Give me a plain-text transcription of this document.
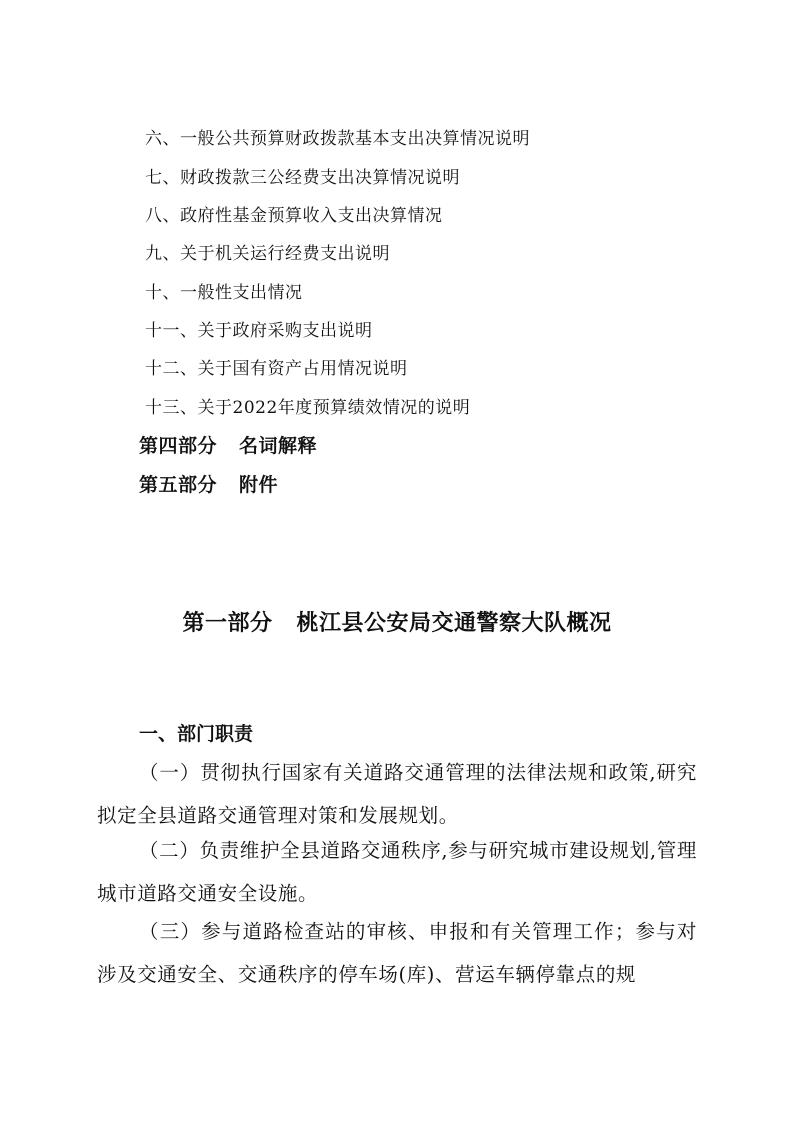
六、一般公共预算财政拨款基本支出决算情况说明
七、财政拨款三公经费支出决算情况说明
八、政府性基金预算收入支出决算情况
九、关于机关运行经费支出说明
十、一般性支出情况
十一、关于政府采购支出说明
十二、关于国有资产占用情况说明
十三、关于2022年度预算绩效情况的说明
第四部分 名词解释
第五部分 附件
第一部分 桃江县公安局交通警察大队概况
一、部门职责
（一）贯彻执行国家有关道路交通管理的法律法规和政策,研究拟定全县道路交通管理对策和发展规划。
（二）负责维护全县道路交通秩序,参与研究城市建设规划,管理城市道路交通安全设施。
（三）参与道路检查站的审核、申报和有关管理工作；参与对涉及交通安全、交通秩序的停车场(库)、营运车辆停靠点的规
